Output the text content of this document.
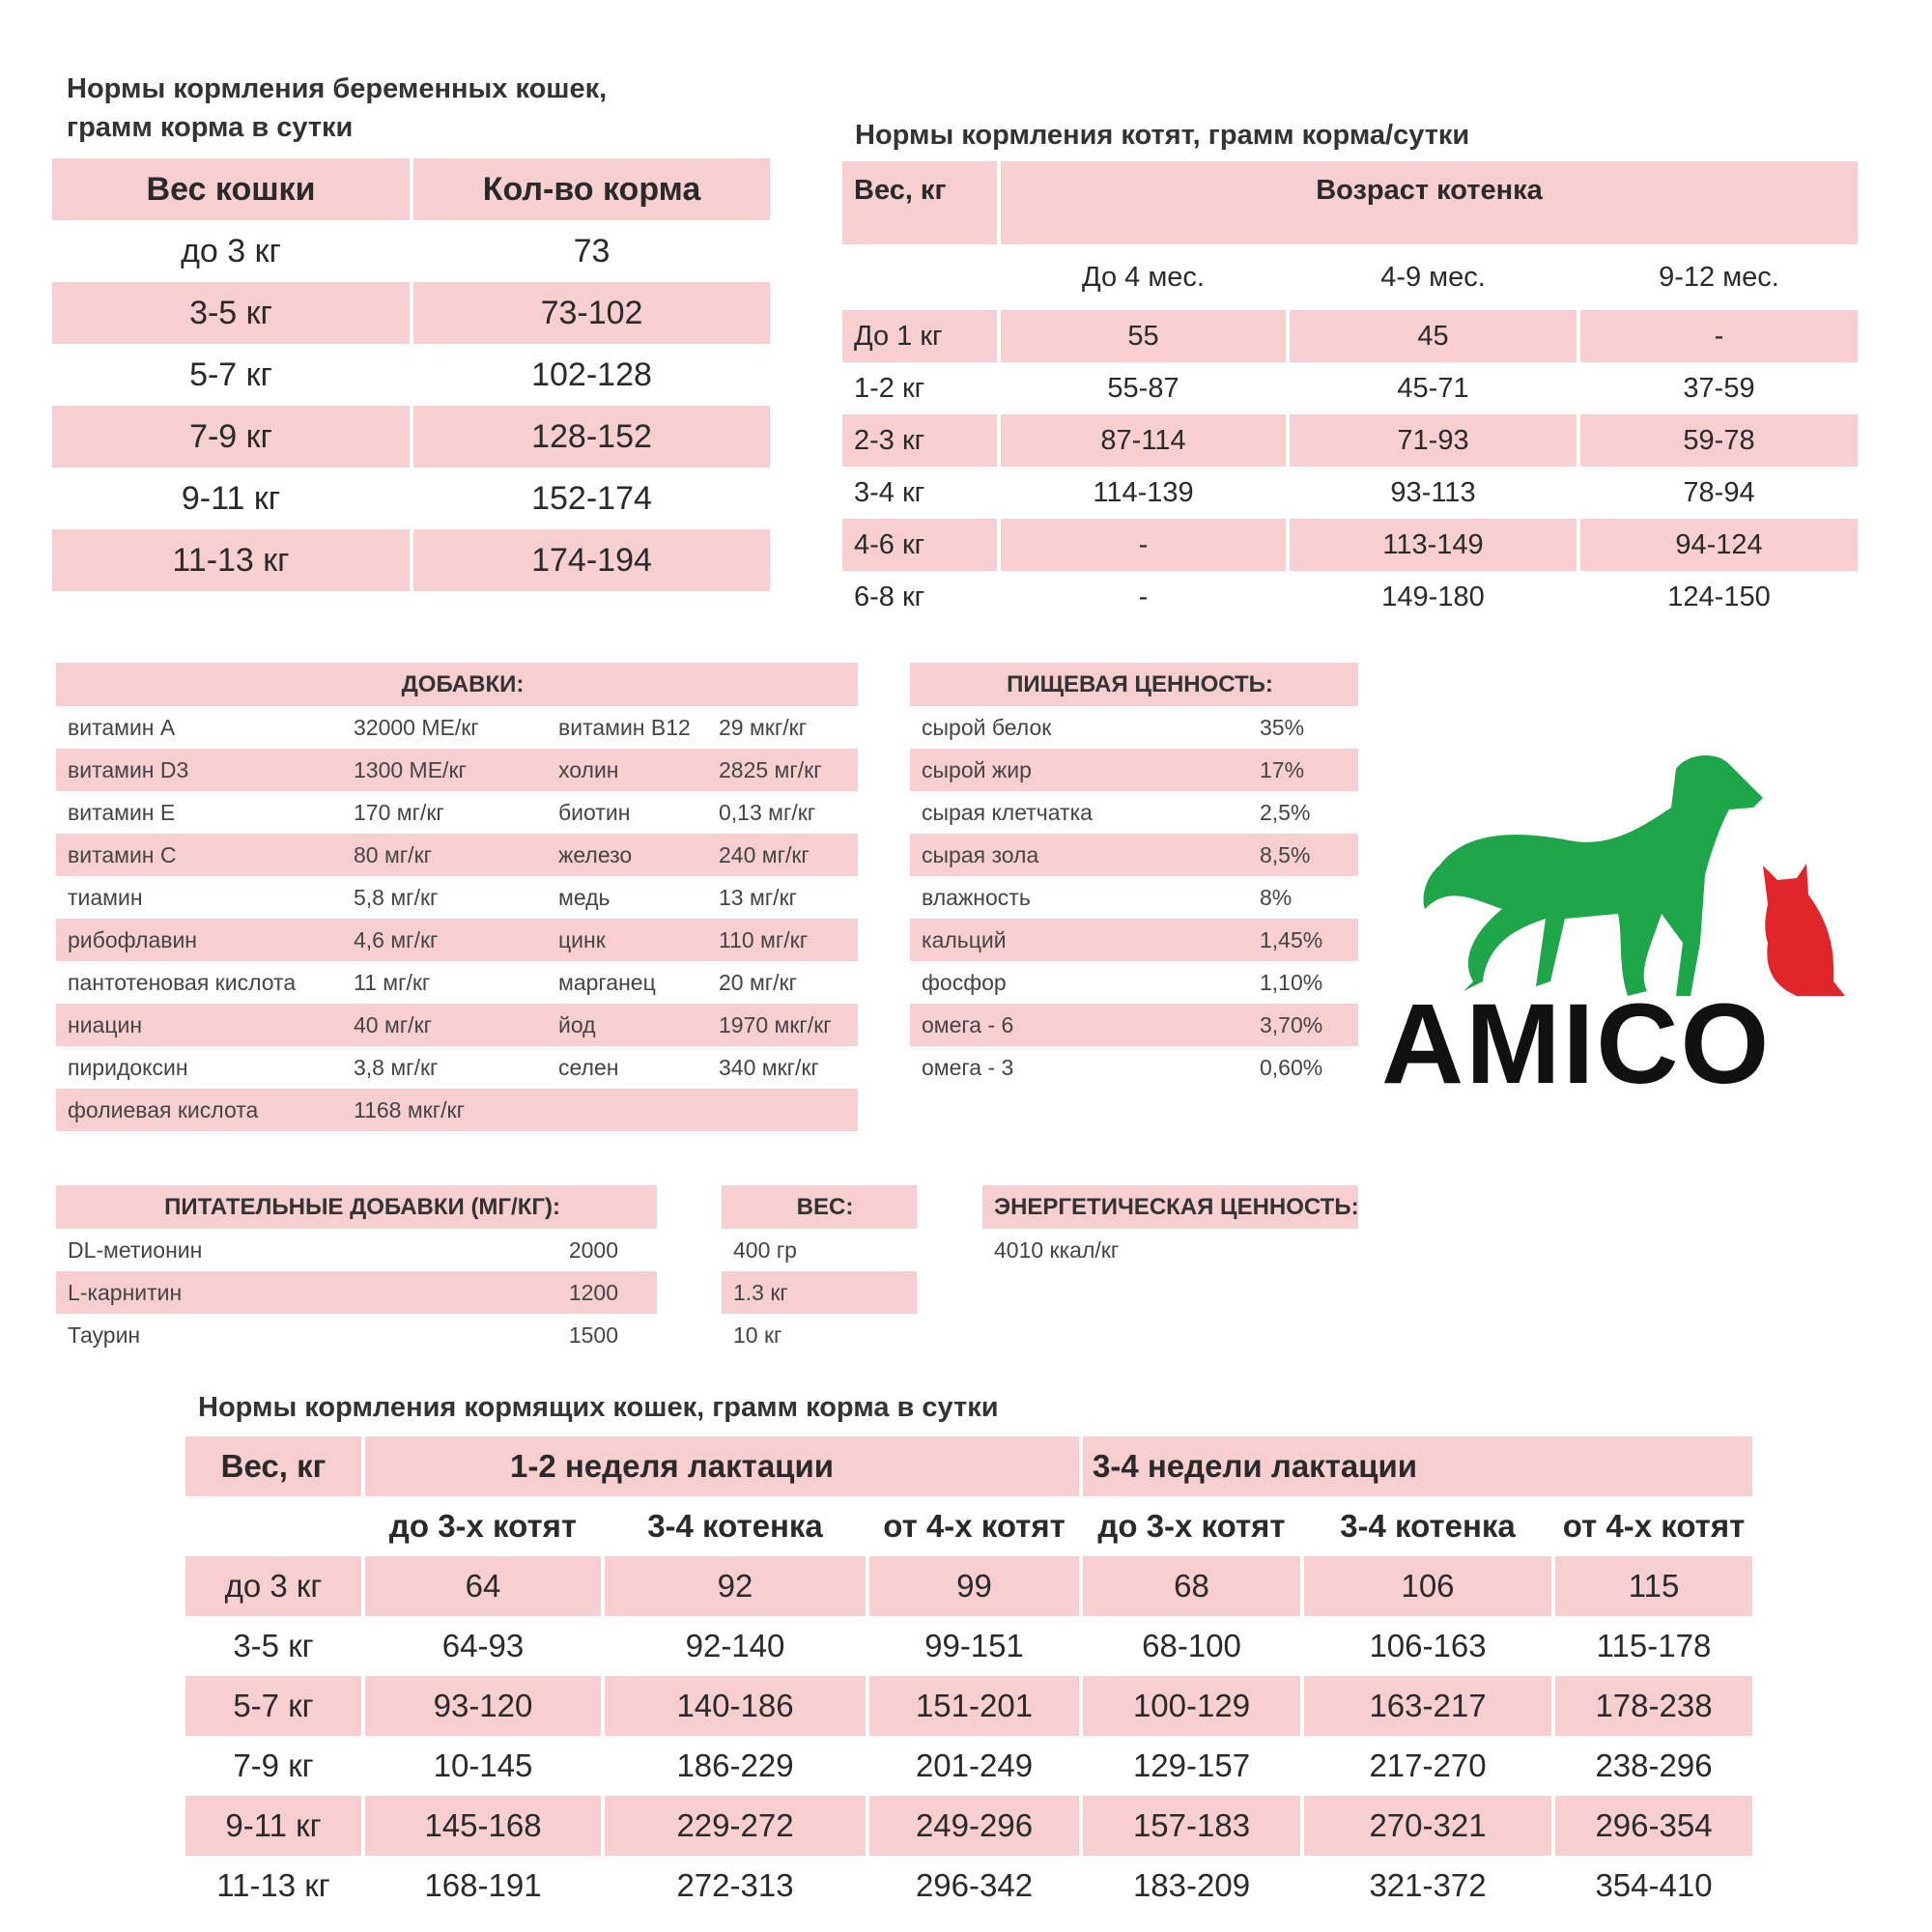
Нормы кормления беременных кошек,
грамм корма в сутки
Вес кошки	Кол-во корма
до 3 кг	73
3-5 кг	73-102
5-7 кг	102-128
7-9 кг	128-152
9-11 кг	152-174
11-13 кг	174-194
Нормы кормления котят, грамм корма/сутки
Вес, кг	Возраст котенка		
	До 4 мес.	4-9 мес.	9-12 мес.
До 1 кг	55	45	-
1-2 кг	55-87	45-71	37-59
2-3 кг	87-114	71-93	59-78
3-4 кг	114-139	93-113	78-94
4-6 кг	-	113-149	94-124
6-8 кг	-	149-180	124-150
ДОБАВКИ:			
витамин А	32000 МЕ/кг	витамин В12	29 мкг/кг
витамин D3	1300 МЕ/кг	холин	2825 мг/кг
витамин Е	170 мг/кг	биотин	0,13 мг/кг
витамин С	80 мг/кг	железо	240 мг/кг
тиамин	5,8 мг/кг	медь	13 мг/кг
рибофлавин	4,6 мг/кг	цинк	110 мг/кг
пантотеновая кислота	11 мг/кг	марганец	20 мг/кг
ниацин	40 мг/кг	йод	1970 мкг/кг
пиридоксин	3,8 мг/кг	селен	340 мкг/кг
фолиевая кислота	1168 мкг/кг		
ПИЩЕВАЯ ЦЕННОСТЬ:	
сырой белок	35%
сырой жир	17%
сырая клетчатка	2,5%
сырая зола	8,5%
влажность	8%
кальций	1,45%
фосфор	1,10%
омега - 6	3,70%
омега - 3	0,60% AMICO
ПИТАТЕЛЬНЫЕ ДОБАВКИ (МГ/КГ):	
DL-метионин	2000
L-карнитин	1200
Таурин	1500
ВЕС:
400 гр
1.3 кг
10 кг
ЭНЕРГЕТИЧЕСКАЯ ЦЕННОСТЬ:
4010 ккал/кг
Нормы кормления кормящих кошек, грамм корма в сутки
Вес, кг	1-2 неделя лактации			3-4 недели лактации		
	до 3-х котят	3-4 котенка	от 4-х котят	до 3-х котят	3-4 котенка	от 4-х котят
до 3 кг	64	92	99	68	106	115
3-5 кг	64-93	92-140	99-151	68-100	106-163	115-178
5-7 кг	93-120	140-186	151-201	100-129	163-217	178-238
7-9 кг	10-145	186-229	201-249	129-157	217-270	238-296
9-11 кг	145-168	229-272	249-296	157-183	270-321	296-354
11-13 кг	168-191	272-313	296-342	183-209	321-372	354-410
